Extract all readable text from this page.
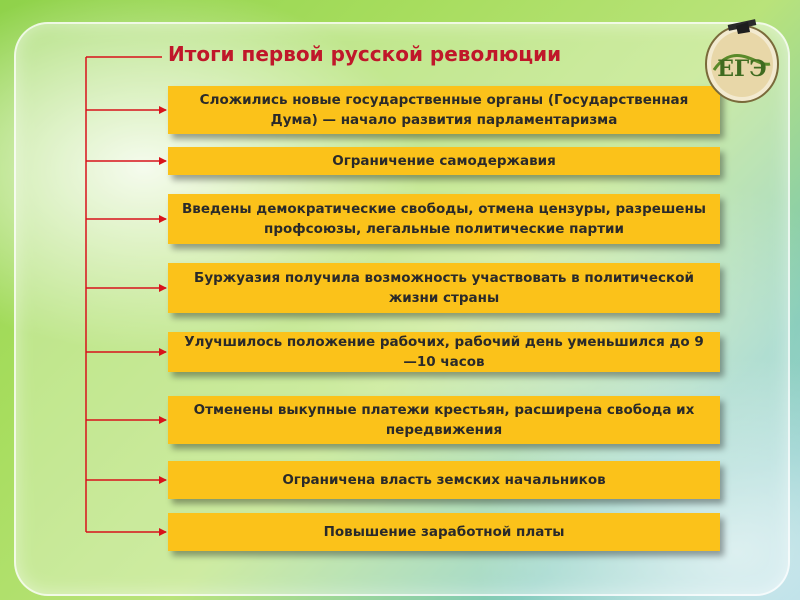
Итоги первой русской революции
Сложились новые государственные органы (Государственная Дума) — начало развития парламентаризма
Ограничение самодержавия
Введены демократические свободы, отмена цензуры, разрешены профсоюзы, легальные политические партии
Буржуазия получила возможность участвовать в политической жизни страны
Улучшилось положение рабочих, рабочий день уменьшился до 9—10 часов
Отменены выкупные платежи крестьян, расширена свобода их передвижения
Ограничена власть земских начальников
Повышение заработной платы
ЕГЭ
